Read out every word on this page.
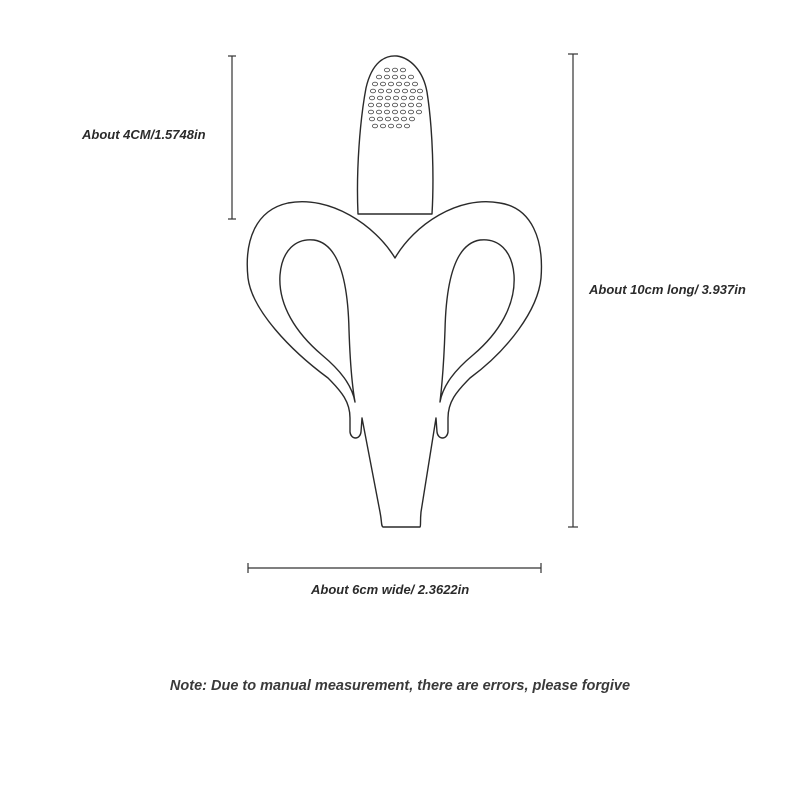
About 4CM/1.5748in
About 10cm long/ 3.937in
About 6cm wide/ 2.3622in
Note: Due to manual measurement, there are errors, please forgive
